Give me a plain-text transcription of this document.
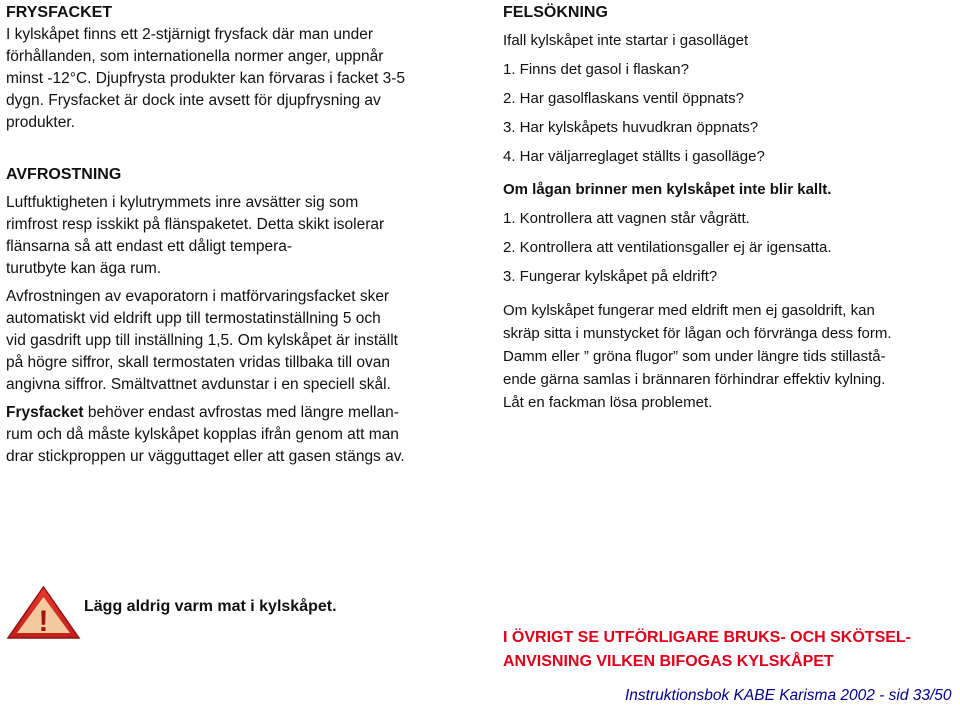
FRYSFACKET
I kylskåpet finns ett 2-stjärnigt frysfack där man under
förhållanden, som internationella normer anger, uppnår
minst -12°C. Djupfrysta produkter kan förvaras i facket 3-5
dygn. Frysfacket är dock inte avsett för djupfrysning av
produkter.
AVFROSTNING
Luftfuktigheten i kylutrymmets inre avsätter sig som
rimfrost resp isskikt på flänspaketet. Detta skikt isolerar
flänsarna så att endast ett dåligt tempera-
turutbyte kan äga rum.
Avfrostningen av evaporatorn i matförvaringsfacket sker
automatiskt vid eldrift upp till termostatinställning 5 och
vid gasdrift upp till inställning 1,5. Om kylskåpet är inställt
på högre siffror, skall termostaten vridas tillbaka till ovan
angivna siffror. Smältvattnet avdunstar i en speciell skål.
Frysfacket behöver endast avfrostas med längre mellan-
rum och då måste kylskåpet kopplas ifrån genom att man
drar stickproppen ur vägguttaget eller att gasen stängs av.
FELSÖKNING
Ifall kylskåpet inte startar i gasolläget
1. Finns det gasol i flaskan?
2. Har gasolflaskans ventil öppnats?
3. Har kylskåpets huvudkran öppnats?
4. Har väljarreglaget ställts i gasolläge?
Om lågan brinner men kylskåpet inte blir kallt.
1. Kontrollera att vagnen står vågrätt.
2. Kontrollera att ventilationsgaller ej är igensatta.
3. Fungerar kylskåpet på eldrift?
Om kylskåpet fungerar med eldrift men ej gasoldrift, kan
skräp sitta i munstycket för lågan och förvränga dess form.
Damm eller ” gröna flugor” som under längre tids stillastå-
ende gärna samlas i brännaren förhindrar effektiv kylning.
Låt en fackman lösa problemet.
! Lägg aldrig varm mat i kylskåpet.
I ÖVRIGT SE UTFÖRLIGARE BRUKS- OCH SKÖTSEL-
ANVISNING VILKEN BIFOGAS KYLSKÅPET
Instruktionsbok KABE Karisma 2002 - sid 33/50
